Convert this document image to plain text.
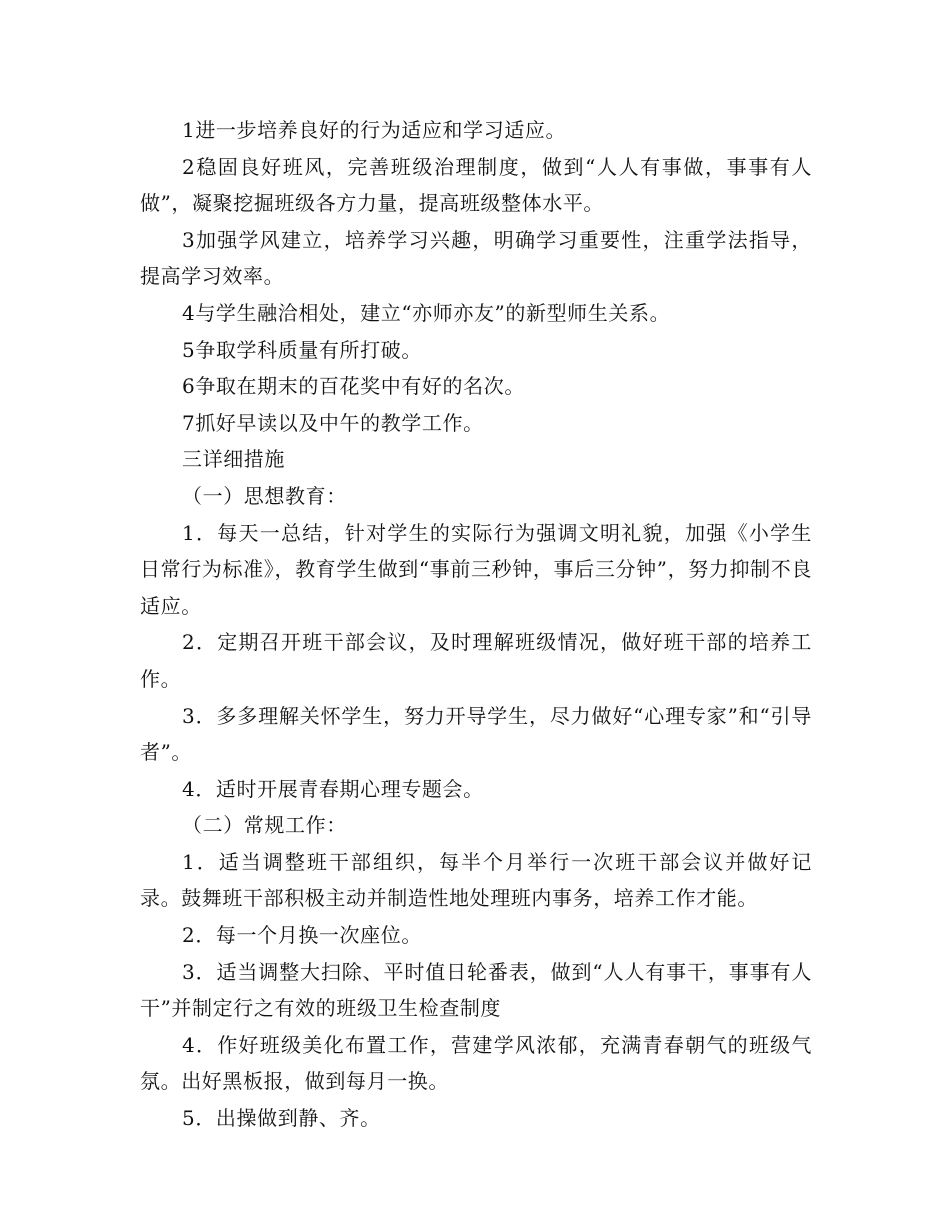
1进一步培养良好的行为适应和学习适应。

2稳固良好班风，完善班级治理制度，做到“人人有事做，事事有人做”，凝聚挖掘班级各方力量，提高班级整体水平。

3加强学风建立，培养学习兴趣，明确学习重要性，注重学法指导，提高学习效率。

4与学生融洽相处，建立“亦师亦友”的新型师生关系。

5争取学科质量有所打破。

6争取在期末的百花奖中有好的名次。

7抓好早读以及中午的教学工作。

三详细措施

（一）思想教育：

1．每天一总结，针对学生的实际行为强调文明礼貌，加强《小学生日常行为标准》，教育学生做到“事前三秒钟，事后三分钟”，努力抑制不良适应。

2．定期召开班干部会议，及时理解班级情况，做好班干部的培养工作。

3．多多理解关怀学生，努力开导学生，尽力做好“心理专家”和“引导者”。

4．适时开展青春期心理专题会。

（二）常规工作：

1．适当调整班干部组织，每半个月举行一次班干部会议并做好记录。鼓舞班干部积极主动并制造性地处理班内事务，培养工作才能。

2．每一个月换一次座位。

3．适当调整大扫除、平时值日轮番表，做到“人人有事干，事事有人干”并制定行之有效的班级卫生检查制度

4．作好班级美化布置工作，营建学风浓郁，充满青春朝气的班级气氛。出好黑板报，做到每月一换。

5．出操做到静、齐。
